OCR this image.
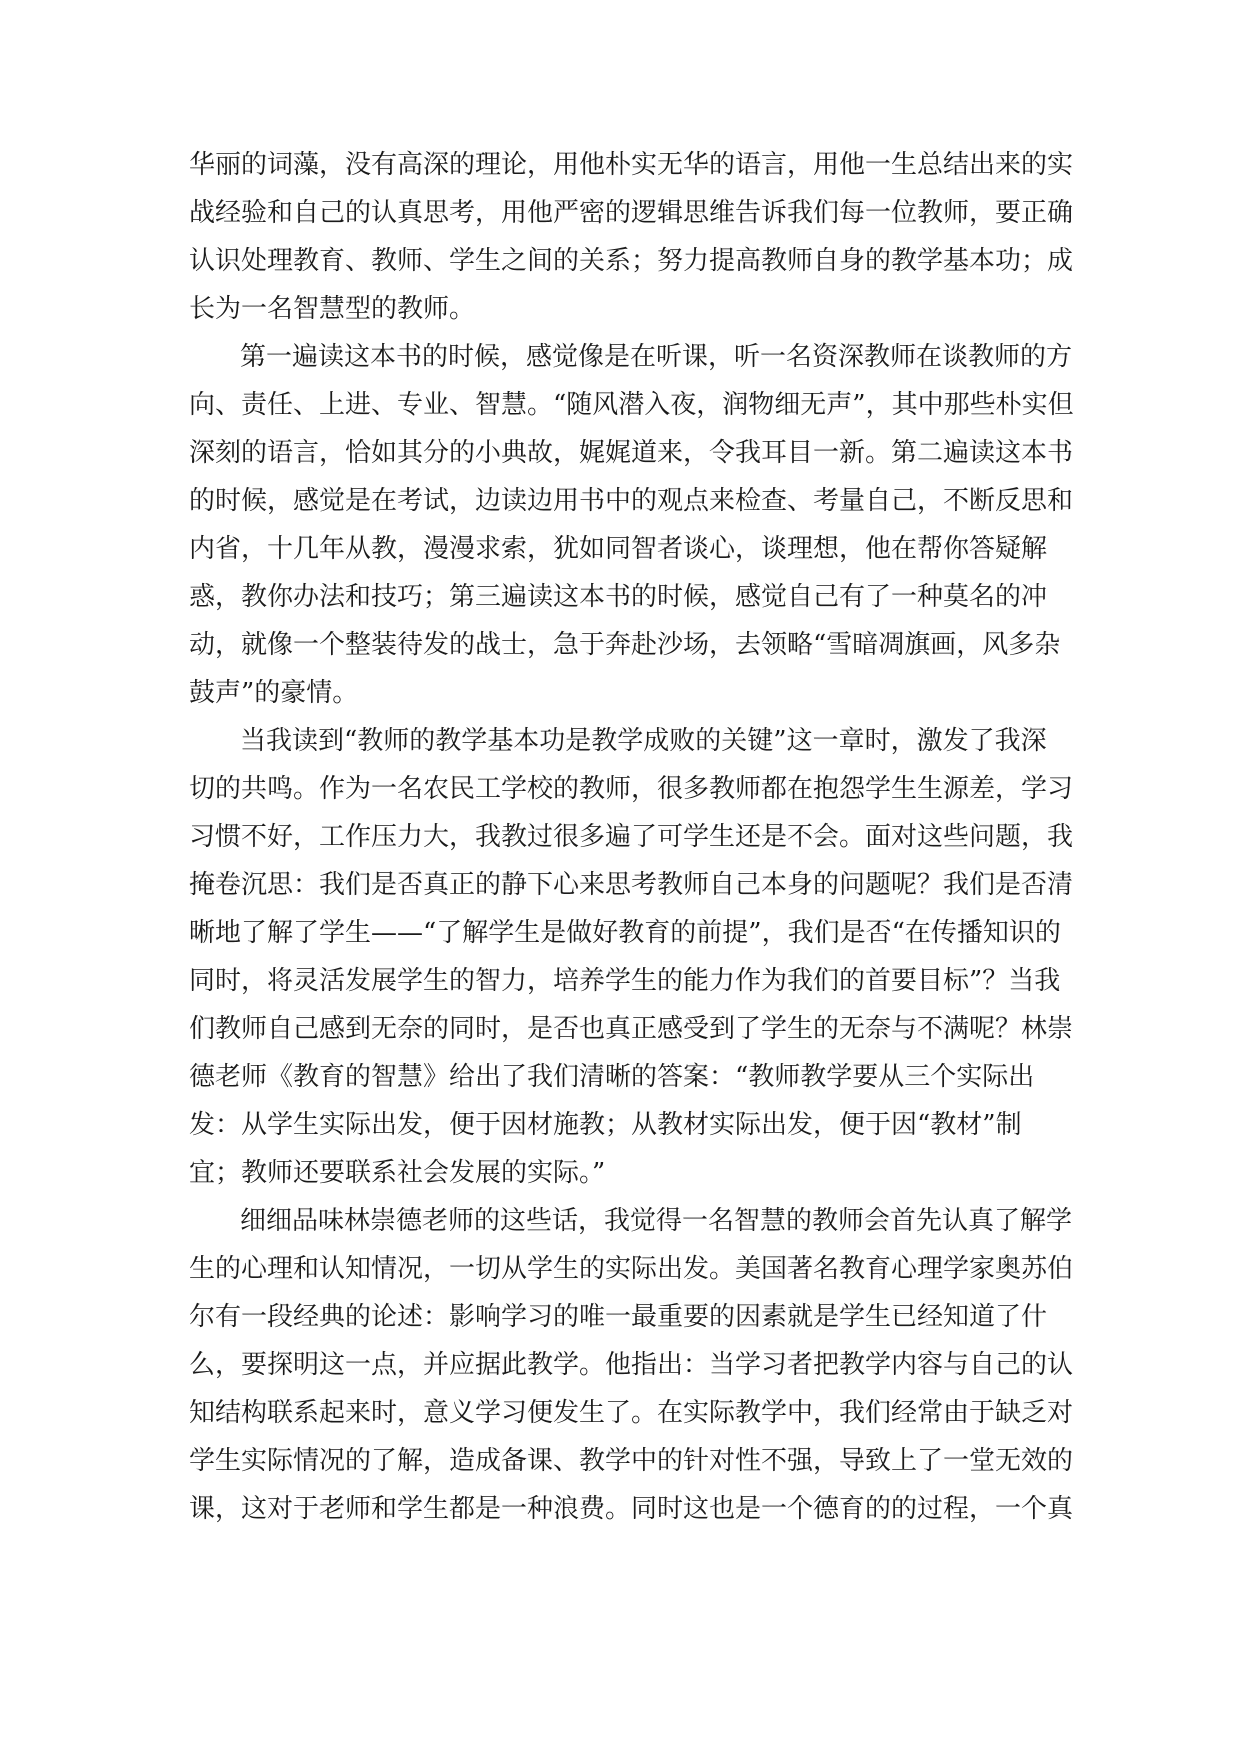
华丽的词藻，没有高深的理论，用他朴实无华的语言，用他一生总结出来的实
战经验和自己的认真思考，用他严密的逻辑思维告诉我们每一位教师，要正确
认识处理教育、教师、学生之间的关系；努力提高教师自身的教学基本功；成
长为一名智慧型的教师。
第一遍读这本书的时候，感觉像是在听课，听一名资深教师在谈教师的方
向、责任、上进、专业、智慧。“随风潜入夜，润物细无声”，其中那些朴实但
深刻的语言，恰如其分的小典故，娓娓道来，令我耳目一新。第二遍读这本书
的时候，感觉是在考试，边读边用书中的观点来检查、考量自己，不断反思和
内省，十几年从教，漫漫求索，犹如同智者谈心，谈理想，他在帮你答疑解
惑，教你办法和技巧；第三遍读这本书的时候，感觉自己有了一种莫名的冲
动，就像一个整装待发的战士，急于奔赴沙场，去领略“雪暗凋旗画，风多杂
鼓声”的豪情。
当我读到“教师的教学基本功是教学成败的关键”这一章时，激发了我深
切的共鸣。作为一名农民工学校的教师，很多教师都在抱怨学生生源差，学习
习惯不好，工作压力大，我教过很多遍了可学生还是不会。面对这些问题，我
掩卷沉思：我们是否真正的静下心来思考教师自己本身的问题呢？我们是否清
晰地了解了学生——“了解学生是做好教育的前提”，我们是否“在传播知识的
同时，将灵活发展学生的智力，培养学生的能力作为我们的首要目标”？当我
们教师自己感到无奈的同时，是否也真正感受到了学生的无奈与不满呢？林崇
德老师《教育的智慧》给出了我们清晰的答案：“教师教学要从三个实际出
发：从学生实际出发，便于因材施教；从教材实际出发，便于因“教材”制
宜；教师还要联系社会发展的实际。”
细细品味林崇德老师的这些话，我觉得一名智慧的教师会首先认真了解学
生的心理和认知情况，一切从学生的实际出发。美国著名教育心理学家奥苏伯
尔有一段经典的论述：影响学习的唯一最重要的因素就是学生已经知道了什
么，要探明这一点，并应据此教学。他指出：当学习者把教学内容与自己的认
知结构联系起来时，意义学习便发生了。在实际教学中，我们经常由于缺乏对
学生实际情况的了解，造成备课、教学中的针对性不强，导致上了一堂无效的
课，这对于老师和学生都是一种浪费。同时这也是一个德育的的过程，一个真
